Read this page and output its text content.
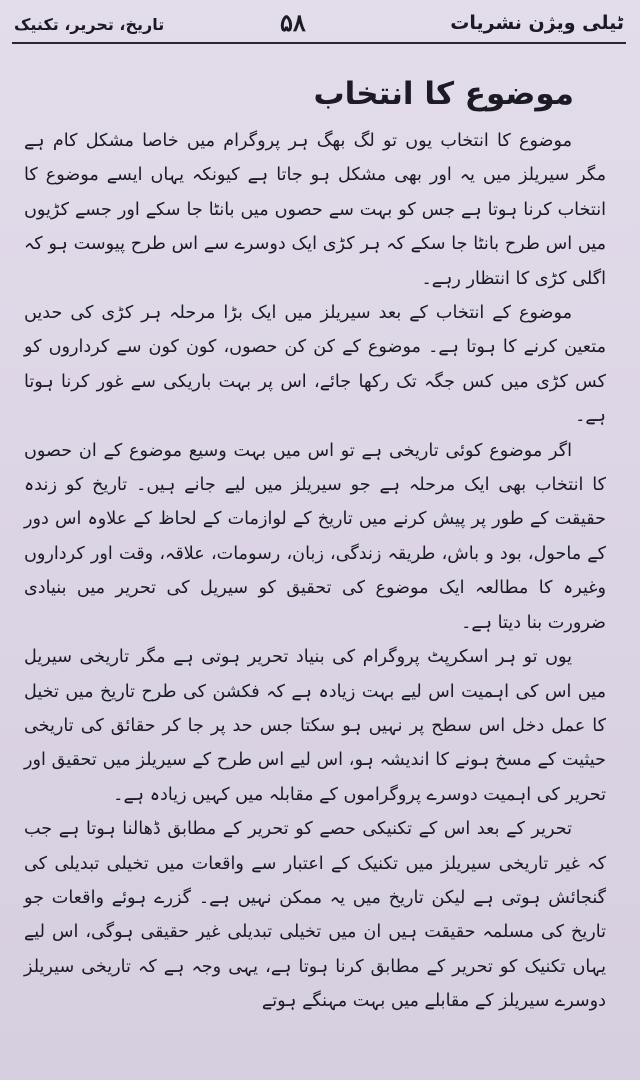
ٹیلی ویژن نشریات
۵۸
تاریخ، تحریر، تکنیک
موضوع کا انتخاب

موضوع کا انتخاب یوں تو لگ بھگ ہر پروگرام میں خاصا مشکل کام ہے مگر سیریلز میں یہ اور بھی مشکل ہو جاتا ہے کیونکہ یہاں ایسے موضوع کا انتخاب کرنا ہوتا ہے جس کو بہت سے حصوں میں بانٹا جا سکے اور جسے کڑیوں میں اس طرح بانٹا جا سکے کہ ہر کڑی ایک دوسرے سے اس طرح پیوست ہو کہ اگلی کڑی کا انتظار رہے۔

موضوع کے انتخاب کے بعد سیریلز میں ایک بڑا مرحلہ ہر کڑی کی حدیں متعین کرنے کا ہوتا ہے۔ موضوع کے کن کن حصوں، کون کون سے کرداروں کو کس کڑی میں کس جگہ تک رکھا جائے، اس پر بہت باریکی سے غور کرنا ہوتا ہے۔

اگر موضوع کوئی تاریخی ہے تو اس میں بہت وسیع موضوع کے ان حصوں کا انتخاب بھی ایک مرحلہ ہے جو سیریلز میں لیے جانے ہیں۔ تاریخ کو زندہ حقیقت کے طور پر پیش کرنے میں تاریخ کے لوازمات کے لحاظ کے علاوہ اس دور کے ماحول، بود و باش، طریقہ زندگی، زبان، رسومات، علاقہ، وقت اور کرداروں وغیرہ کا مطالعہ ایک موضوع کی تحقیق کو سیریل کی تحریر میں بنیادی ضرورت بنا دیتا ہے۔

یوں تو ہر اسکرپٹ پروگرام کی بنیاد تحریر ہوتی ہے مگر تاریخی سیریل میں اس کی اہمیت اس لیے بہت زیادہ ہے کہ فکشن کی طرح تاریخ میں تخیل کا عمل دخل اس سطح پر نہیں ہو سکتا جس حد پر جا کر حقائق کی تاریخی حیثیت کے مسخ ہونے کا اندیشہ ہو، اس لیے اس طرح کے سیریلز میں تحقیق اور تحریر کی اہمیت دوسرے پروگراموں کے مقابلہ میں کہیں زیادہ ہے۔

تحریر کے بعد اس کے تکنیکی حصے کو تحریر کے مطابق ڈھالنا ہوتا ہے جب کہ غیر تاریخی سیریلز میں تکنیک کے اعتبار سے واقعات میں تخیلی تبدیلی کی گنجائش ہوتی ہے لیکن تاریخ میں یہ ممکن نہیں ہے۔ گزرے ہوئے واقعات جو تاریخ کی مسلمہ حقیقت ہیں ان میں تخیلی تبدیلی غیر حقیقی ہوگی، اس لیے یہاں تکنیک کو تحریر کے مطابق کرنا ہوتا ہے، یہی وجہ ہے کہ تاریخی سیریلز دوسرے سیریلز کے مقابلے میں بہت مہنگے ہوتے
